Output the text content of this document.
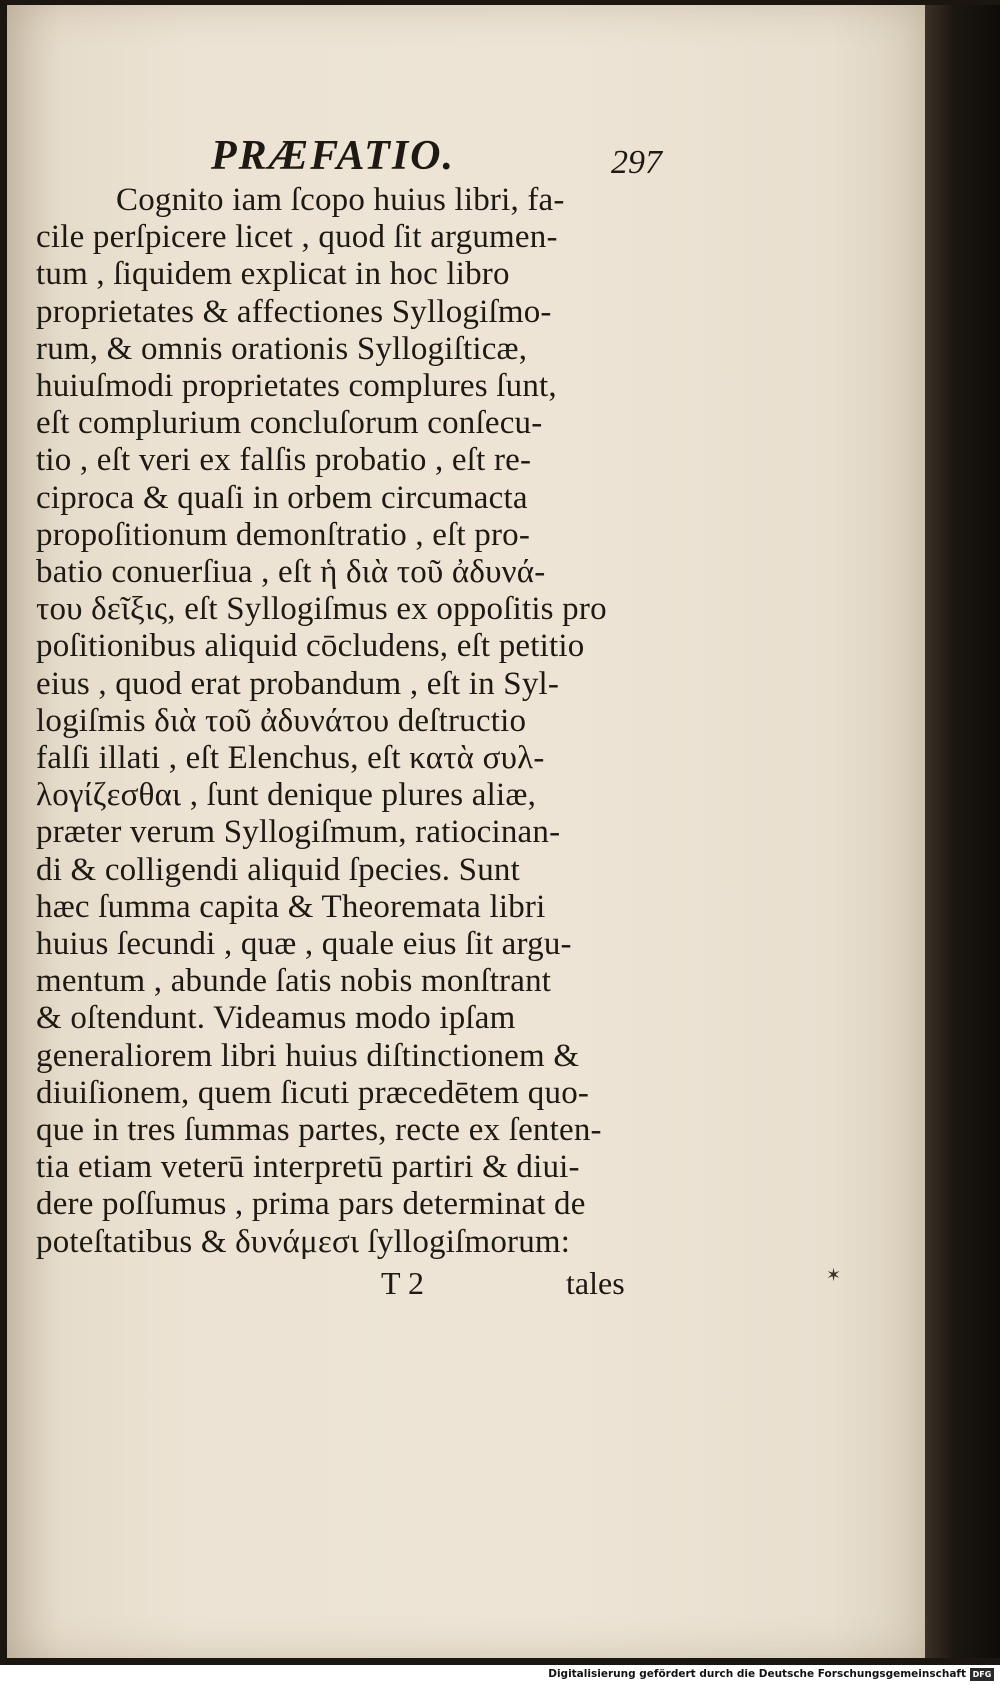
PRÆFATIO.	297
Cognito iam ſcopo huius libri, fa-
cile perſpicere licet , quod ſit argumen-
tum , ſiquidem explicat in hoc libro
proprietates & affectiones Syllogiſmo-
rum, & omnis orationis Syllogiſticæ,
huiuſmodi proprietates complures ſunt,
eſt complurium concluſorum conſecu-
tio , eſt veri ex falſis probatio , eſt re-
ciproca & quaſi in orbem circumacta
propoſitionum demonſtratio , eſt pro-
batio conuerſiua , eſt ἡ διὰ τοῦ ἀδυνά-
του δεῖξις, eſt Syllogiſmus ex oppoſitis pro
poſitionibus aliquid cōcludens, eſt petitio
eius , quod erat probandum , eſt in Syl-
logiſmis διὰ τοῦ ἀδυνάτου deſtructio
falſi illati , eſt Elenchus, eſt κατὰ συλ-
λογίζεσθαι , ſunt denique plures aliæ,
præter verum Syllogiſmum, ratiocinan-
di & colligendi aliquid ſpecies. Sunt
hæc ſumma capita & Theoremata libri
huius ſecundi , quæ , quale eius ſit argu-
mentum , abunde ſatis nobis monſtrant
& oſtendunt. Videamus modo ipſam
generaliorem libri huius diſtinctionem &
diuiſionem, quem ſicuti præcedētem quo-
que in tres ſummas partes, recte ex ſenten-
tia etiam veterū interpretū partiri & diui-
dere poſſumus , prima pars determinat de
poteſtatibus & δυνάμεσι ſyllogiſmorum:
T 2	tales	✶
Digitalisierung gefördert durch die Deutsche Forschungsgemeinschaft DFG
